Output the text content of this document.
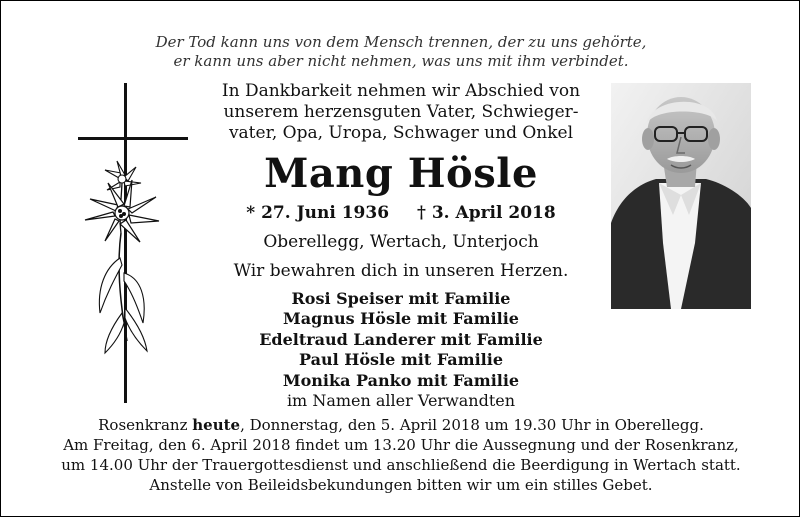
Der Tod kann uns von dem Mensch trennen, der zu uns gehörte,
er kann uns aber nicht nehmen, was uns mit ihm verbindet.
In Dankbarkeit nehmen wir Abschied von
unserem herzensguten Vater, Schwieger-
vater, Opa, Uropa, Schwager und Onkel
Mang Hösle
* 27. Juni 1936 † 3. April 2018
Oberellegg, Wertach, Unterjoch
Wir bewahren dich in unseren Herzen.
Rosi Speiser mit Familie
Magnus Hösle mit Familie
Edeltraud Landerer mit Familie
Paul Hösle mit Familie
Monika Panko mit Familie
im Namen aller Verwandten
Rosenkranz heute, Donnerstag, den 5. April 2018 um 19.30 Uhr in Oberellegg.
Am Freitag, den 6. April 2018 findet um 13.20 Uhr die Aussegnung und der Rosenkranz,
um 14.00 Uhr der Trauergottesdienst und anschließend die Beerdigung in Wertach statt.
Anstelle von Beileidsbekundungen bitten wir um ein stilles Gebet.
